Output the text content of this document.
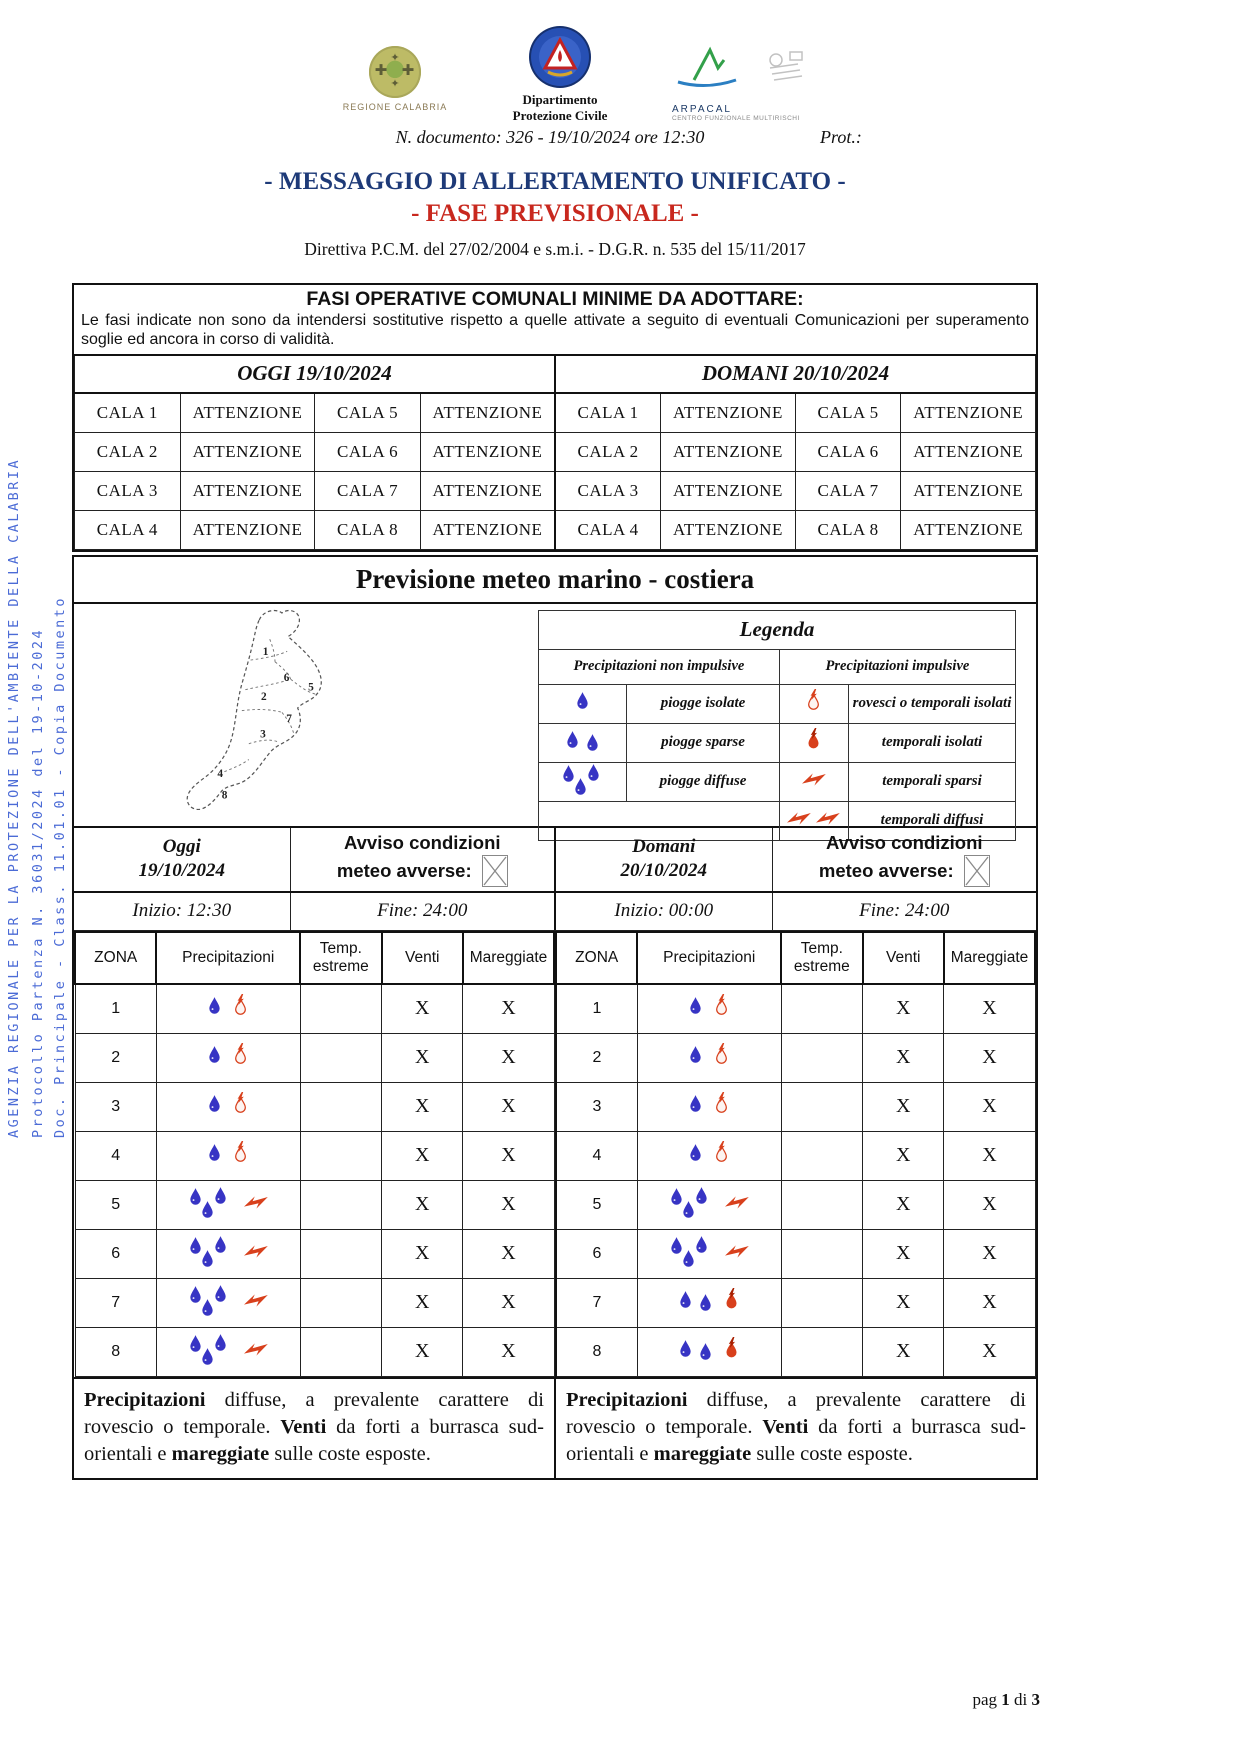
AGENZIA REGIONALE PER LA PROTEZIONE DELL'AMBIENTE DELLA CALABRIA Protocollo Partenza N. 36031/2024 del 19-10-2024 Doc. Principale - Class. 11.01.01 - Copia Documento
✚ ✚
✦
✦
REGIONE CALABRIA	Dipartimento
Protezione Civile	ARPACAL
CENTRO FUNZIONALE MULTIRISCHI
N. documento: 326 - 19/10/2024 ore 12:30	Prot.:
- MESSAGGIO DI ALLERTAMENTO UNIFICATO -
- FASE PREVISIONALE -
Direttiva P.C.M. del 27/02/2004 e s.m.i. - D.G.R. n. 535 del 15/11/2017
FASI OPERATIVE COMUNALI MINIME DA ADOTTARE:
Le fasi indicate non sono da intendersi sostitutive rispetto a quelle attivate a seguito di eventuali Comunicazioni per superamento soglie ed ancora in corso di validità.
OGGI 19/10/2024				DOMANI 20/10/2024			
CALA 1	ATTENZIONE	CALA 5	ATTENZIONE	CALA 1	ATTENZIONE	CALA 5	ATTENZIONE
CALA 2	ATTENZIONE	CALA 6	ATTENZIONE	CALA 2	ATTENZIONE	CALA 6	ATTENZIONE
CALA 3	ATTENZIONE	CALA 7	ATTENZIONE	CALA 3	ATTENZIONE	CALA 7	ATTENZIONE
CALA 4	ATTENZIONE	CALA 8	ATTENZIONE	CALA 4	ATTENZIONE	CALA 8	ATTENZIONE
Previsione meteo marino - costiera
1
6
5
2
7
3
4
8
Legenda			
Precipitazioni non impulsive		Precipitazioni impulsive	
	piogge isolate		rovesci o temporali isolati
	piogge sparse		temporali isolati

	piogge diffuse		temporali sparsi
		temporali diffusi
Oggi
19/10/2024
Avviso condizioni
meteo avverse:
Domani
20/10/2024
Avviso condizioni
meteo avverse:
Inizio: 12:30	Fine: 24:00	Inizio: 00:00	Fine: 24:00
ZONA	Precipitazioni	Temp. estreme	Venti	Mareggiate
1			X	X
2			X	X
3			X	X
4			X	X
5			X	X
6			X	X
7			X	X
8			X	X
ZONA	Precipitazioni	Temp. estreme	Venti	Mareggiate
1			X	X
2			X	X
3			X	X
4			X	X
5			X	X
6			X	X
7			X	X
8			X	X
Precipitazioni diffuse, a prevalente carattere di rovescio o temporale. Venti da forti a burrasca sud-orientali e mareggiate sulle coste esposte.
Precipitazioni diffuse, a prevalente carattere di rovescio o temporale. Venti da forti a burrasca sud-orientali e mareggiate sulle coste esposte.
pag 1 di 3
